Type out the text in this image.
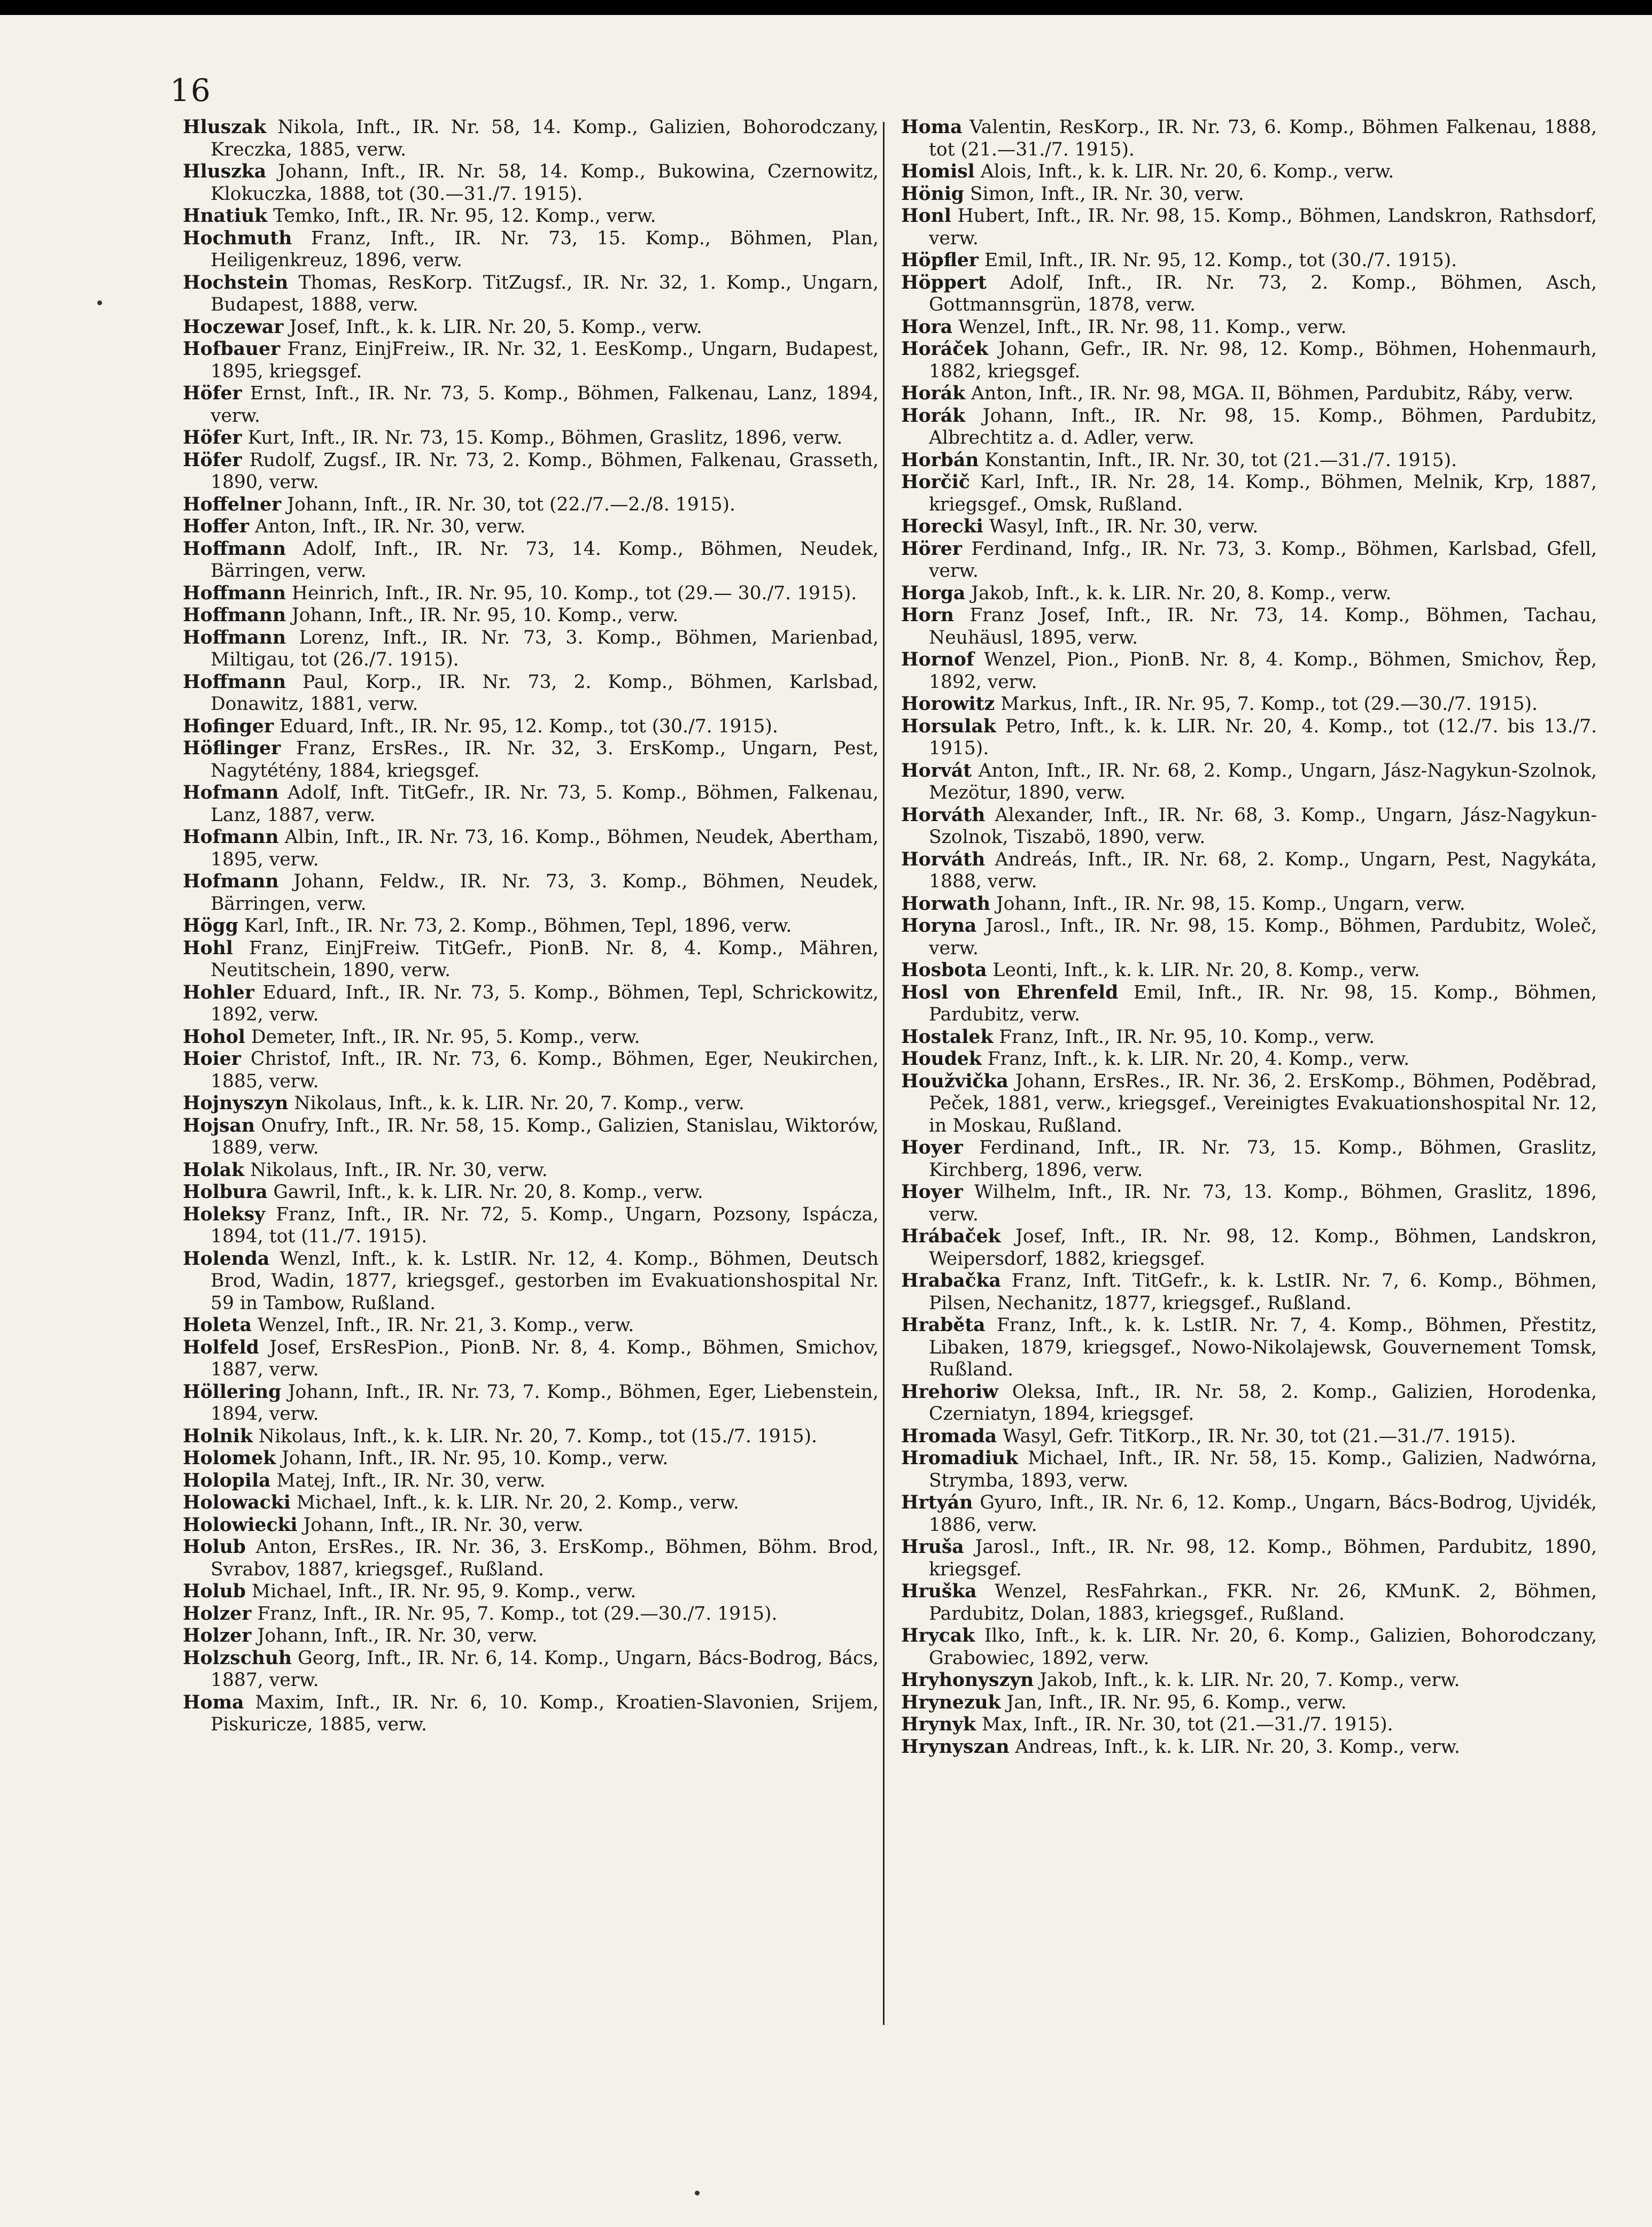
16

Hluszak Nikola, Inft., IR. Nr. 58, 14. Komp., Galizien, Bohorodczany, Kreczka, 1885, verw.

Hluszka Johann, Inft., IR. Nr. 58, 14. Komp., Bukowina, Czernowitz, Klokuczka, 1888, tot (30.—31./7. 1915).

Hnatiuk Temko, Inft., IR. Nr. 95, 12. Komp., verw.

Hochmuth Franz, Inft., IR. Nr. 73, 15. Komp., Böhmen, Plan, Heiligenkreuz, 1896, verw.

Hochstein Thomas, ResKorp. TitZugsf., IR. Nr. 32, 1. Komp., Ungarn, Budapest, 1888, verw.

Hoczewar Josef, Inft., k. k. LIR. Nr. 20, 5. Komp., verw.

Hofbauer Franz, EinjFreiw., IR. Nr. 32, 1. EesKomp., Ungarn, Budapest, 1895, kriegsgef.

Höfer Ernst, Inft., IR. Nr. 73, 5. Komp., Böhmen, Falkenau, Lanz, 1894, verw.

Höfer Kurt, Inft., IR. Nr. 73, 15. Komp., Böhmen, Graslitz, 1896, verw.

Höfer Rudolf, Zugsf., IR. Nr. 73, 2. Komp., Böhmen, Falkenau, Grasseth, 1890, verw.

Hoffelner Johann, Inft., IR. Nr. 30, tot (22./7.—2./8. 1915).

Hoffer Anton, Inft., IR. Nr. 30, verw.

Hoffmann Adolf, Inft., IR. Nr. 73, 14. Komp., Böhmen, Neudek, Bärringen, verw.

Hoffmann Heinrich, Inft., IR. Nr. 95, 10. Komp., tot (29.— 30./7. 1915).

Hoffmann Johann, Inft., IR. Nr. 95, 10. Komp., verw.

Hoffmann Lorenz, Inft., IR. Nr. 73, 3. Komp., Böhmen, Marienbad, Miltigau, tot (26./7. 1915).

Hoffmann Paul, Korp., IR. Nr. 73, 2. Komp., Böhmen, Karlsbad, Donawitz, 1881, verw.

Hofinger Eduard, Inft., IR. Nr. 95, 12. Komp., tot (30./7. 1915).

Höflinger Franz, ErsRes., IR. Nr. 32, 3. ErsKomp., Ungarn, Pest, Nagytétény, 1884, kriegsgef.

Hofmann Adolf, Inft. TitGefr., IR. Nr. 73, 5. Komp., Böhmen, Falkenau, Lanz, 1887, verw.

Hofmann Albin, Inft., IR. Nr. 73, 16. Komp., Böhmen, Neudek, Abertham, 1895, verw.

Hofmann Johann, Feldw., IR. Nr. 73, 3. Komp., Böhmen, Neudek, Bärringen, verw.

Högg Karl, Inft., IR. Nr. 73, 2. Komp., Böhmen, Tepl, 1896, verw.

Hohl Franz, EinjFreiw. TitGefr., PionB. Nr. 8, 4. Komp., Mähren, Neutitschein, 1890, verw.

Hohler Eduard, Inft., IR. Nr. 73, 5. Komp., Böhmen, Tepl, Schrickowitz, 1892, verw.

Hohol Demeter, Inft., IR. Nr. 95, 5. Komp., verw.

Hoier Christof, Inft., IR. Nr. 73, 6. Komp., Böhmen, Eger, Neukirchen, 1885, verw.

Hojnyszyn Nikolaus, Inft., k. k. LIR. Nr. 20, 7. Komp., verw.

Hojsan Onufry, Inft., IR. Nr. 58, 15. Komp., Galizien, Stanislau, Wiktorów, 1889, verw.

Holak Nikolaus, Inft., IR. Nr. 30, verw.

Holbura Gawril, Inft., k. k. LIR. Nr. 20, 8. Komp., verw.

Holeksy Franz, Inft., IR. Nr. 72, 5. Komp., Ungarn, Pozsony, Ispácza, 1894, tot (11./7. 1915).

Holenda Wenzl, Inft., k. k. LstIR. Nr. 12, 4. Komp., Böhmen, Deutsch Brod, Wadin, 1877, kriegsgef., gestorben im Evakuationshospital Nr. 59 in Tambow, Rußland.

Holeta Wenzel, Inft., IR. Nr. 21, 3. Komp., verw.

Holfeld Josef, ErsResPion., PionB. Nr. 8, 4. Komp., Böhmen, Smichov, 1887, verw.

Höllering Johann, Inft., IR. Nr. 73, 7. Komp., Böhmen, Eger, Liebenstein, 1894, verw.

Holnik Nikolaus, Inft., k. k. LIR. Nr. 20, 7. Komp., tot (15./7. 1915).

Holomek Johann, Inft., IR. Nr. 95, 10. Komp., verw.

Holopila Matej, Inft., IR. Nr. 30, verw.

Holowacki Michael, Inft., k. k. LIR. Nr. 20, 2. Komp., verw.

Holowiecki Johann, Inft., IR. Nr. 30, verw.

Holub Anton, ErsRes., IR. Nr. 36, 3. ErsKomp., Böhmen, Böhm. Brod, Svrabov, 1887, kriegsgef., Rußland.

Holub Michael, Inft., IR. Nr. 95, 9. Komp., verw.

Holzer Franz, Inft., IR. Nr. 95, 7. Komp., tot (29.—30./7. 1915).

Holzer Johann, Inft., IR. Nr. 30, verw.

Holzschuh Georg, Inft., IR. Nr. 6, 14. Komp., Ungarn, Bács-Bodrog, Bács, 1887, verw.

Homa Maxim, Inft., IR. Nr. 6, 10. Komp., Kroatien-Slavonien, Srijem, Piskuricze, 1885, verw.

Homa Valentin, ResKorp., IR. Nr. 73, 6. Komp., Böhmen Falkenau, 1888, tot (21.—31./7. 1915).

Homisl Alois, Inft., k. k. LIR. Nr. 20, 6. Komp., verw.

Hönig Simon, Inft., IR. Nr. 30, verw.

Honl Hubert, Inft., IR. Nr. 98, 15. Komp., Böhmen, Landskron, Rathsdorf, verw.

Höpfler Emil, Inft., IR. Nr. 95, 12. Komp., tot (30./7. 1915).

Höppert Adolf, Inft., IR. Nr. 73, 2. Komp., Böhmen, Asch, Gottmannsgrün, 1878, verw.

Hora Wenzel, Inft., IR. Nr. 98, 11. Komp., verw.

Horáček Johann, Gefr., IR. Nr. 98, 12. Komp., Böhmen, Hohenmaurh, 1882, kriegsgef.

Horák Anton, Inft., IR. Nr. 98, MGA. II, Böhmen, Pardubitz, Ráby, verw.

Horák Johann, Inft., IR. Nr. 98, 15. Komp., Böhmen, Pardubitz, Albrechtitz a. d. Adler, verw.

Horbán Konstantin, Inft., IR. Nr. 30, tot (21.—31./7. 1915).

Horčič Karl, Inft., IR. Nr. 28, 14. Komp., Böhmen, Melnik, Krp, 1887, kriegsgef., Omsk, Rußland.

Horecki Wasyl, Inft., IR. Nr. 30, verw.

Hörer Ferdinand, Infg., IR. Nr. 73, 3. Komp., Böhmen, Karlsbad, Gfell, verw.

Horga Jakob, Inft., k. k. LIR. Nr. 20, 8. Komp., verw.

Horn Franz Josef, Inft., IR. Nr. 73, 14. Komp., Böhmen, Tachau, Neuhäusl, 1895, verw.

Hornof Wenzel, Pion., PionB. Nr. 8, 4. Komp., Böhmen, Smichov, Řep, 1892, verw.

Horowitz Markus, Inft., IR. Nr. 95, 7. Komp., tot (29.—30./7. 1915).

Horsulak Petro, Inft., k. k. LIR. Nr. 20, 4. Komp., tot (12./7. bis 13./7. 1915).

Horvát Anton, Inft., IR. Nr. 68, 2. Komp., Ungarn, Jász-Nagykun-Szolnok, Mezötur, 1890, verw.

Horváth Alexander, Inft., IR. Nr. 68, 3. Komp., Ungarn, Jász-Nagykun-Szolnok, Tiszabö, 1890, verw.

Horváth Andreás, Inft., IR. Nr. 68, 2. Komp., Ungarn, Pest, Nagykáta, 1888, verw.

Horwath Johann, Inft., IR. Nr. 98, 15. Komp., Ungarn, verw.

Horyna Jarosl., Inft., IR. Nr. 98, 15. Komp., Böhmen, Pardubitz, Woleč, verw.

Hosbota Leonti, Inft., k. k. LIR. Nr. 20, 8. Komp., verw.

Hosl von Ehrenfeld Emil, Inft., IR. Nr. 98, 15. Komp., Böhmen, Pardubitz, verw.

Hostalek Franz, Inft., IR. Nr. 95, 10. Komp., verw.

Houdek Franz, Inft., k. k. LIR. Nr. 20, 4. Komp., verw.

Houžvička Johann, ErsRes., IR. Nr. 36, 2. ErsKomp., Böhmen, Poděbrad, Peček, 1881, verw., kriegsgef., Vereinigtes Evakuationshospital Nr. 12, in Moskau, Rußland.

Hoyer Ferdinand, Inft., IR. Nr. 73, 15. Komp., Böhmen, Graslitz, Kirchberg, 1896, verw.

Hoyer Wilhelm, Inft., IR. Nr. 73, 13. Komp., Böhmen, Graslitz, 1896, verw.

Hrábaček Josef, Inft., IR. Nr. 98, 12. Komp., Böhmen, Landskron, Weipersdorf, 1882, kriegsgef.

Hrabačka Franz, Inft. TitGefr., k. k. LstIR. Nr. 7, 6. Komp., Böhmen, Pilsen, Nechanitz, 1877, kriegsgef., Rußland.

Hraběta Franz, Inft., k. k. LstIR. Nr. 7, 4. Komp., Böhmen, Přestitz, Libaken, 1879, kriegsgef., Nowo-Nikolajewsk, Gouvernement Tomsk, Rußland.

Hrehoriw Oleksa, Inft., IR. Nr. 58, 2. Komp., Galizien, Horodenka, Czerniatyn, 1894, kriegsgef.

Hromada Wasyl, Gefr. TitKorp., IR. Nr. 30, tot (21.—31./7. 1915).

Hromadiuk Michael, Inft., IR. Nr. 58, 15. Komp., Galizien, Nadwórna, Strymba, 1893, verw.

Hrtyán Gyuro, Inft., IR. Nr. 6, 12. Komp., Ungarn, Bács-Bodrog, Ujvidék, 1886, verw.

Hruša Jarosl., Inft., IR. Nr. 98, 12. Komp., Böhmen, Pardubitz, 1890, kriegsgef.

Hruška Wenzel, ResFahrkan., FKR. Nr. 26, KMunK. 2, Böhmen, Pardubitz, Dolan, 1883, kriegsgef., Rußland.

Hrycak Ilko, Inft., k. k. LIR. Nr. 20, 6. Komp., Galizien, Bohorodczany, Grabowiec, 1892, verw.

Hryhonyszyn Jakob, Inft., k. k. LIR. Nr. 20, 7. Komp., verw.

Hrynezuk Jan, Inft., IR. Nr. 95, 6. Komp., verw.

Hrynyk Max, Inft., IR. Nr. 30, tot (21.—31./7. 1915).

Hrynyszan Andreas, Inft., k. k. LIR. Nr. 20, 3. Komp., verw.
